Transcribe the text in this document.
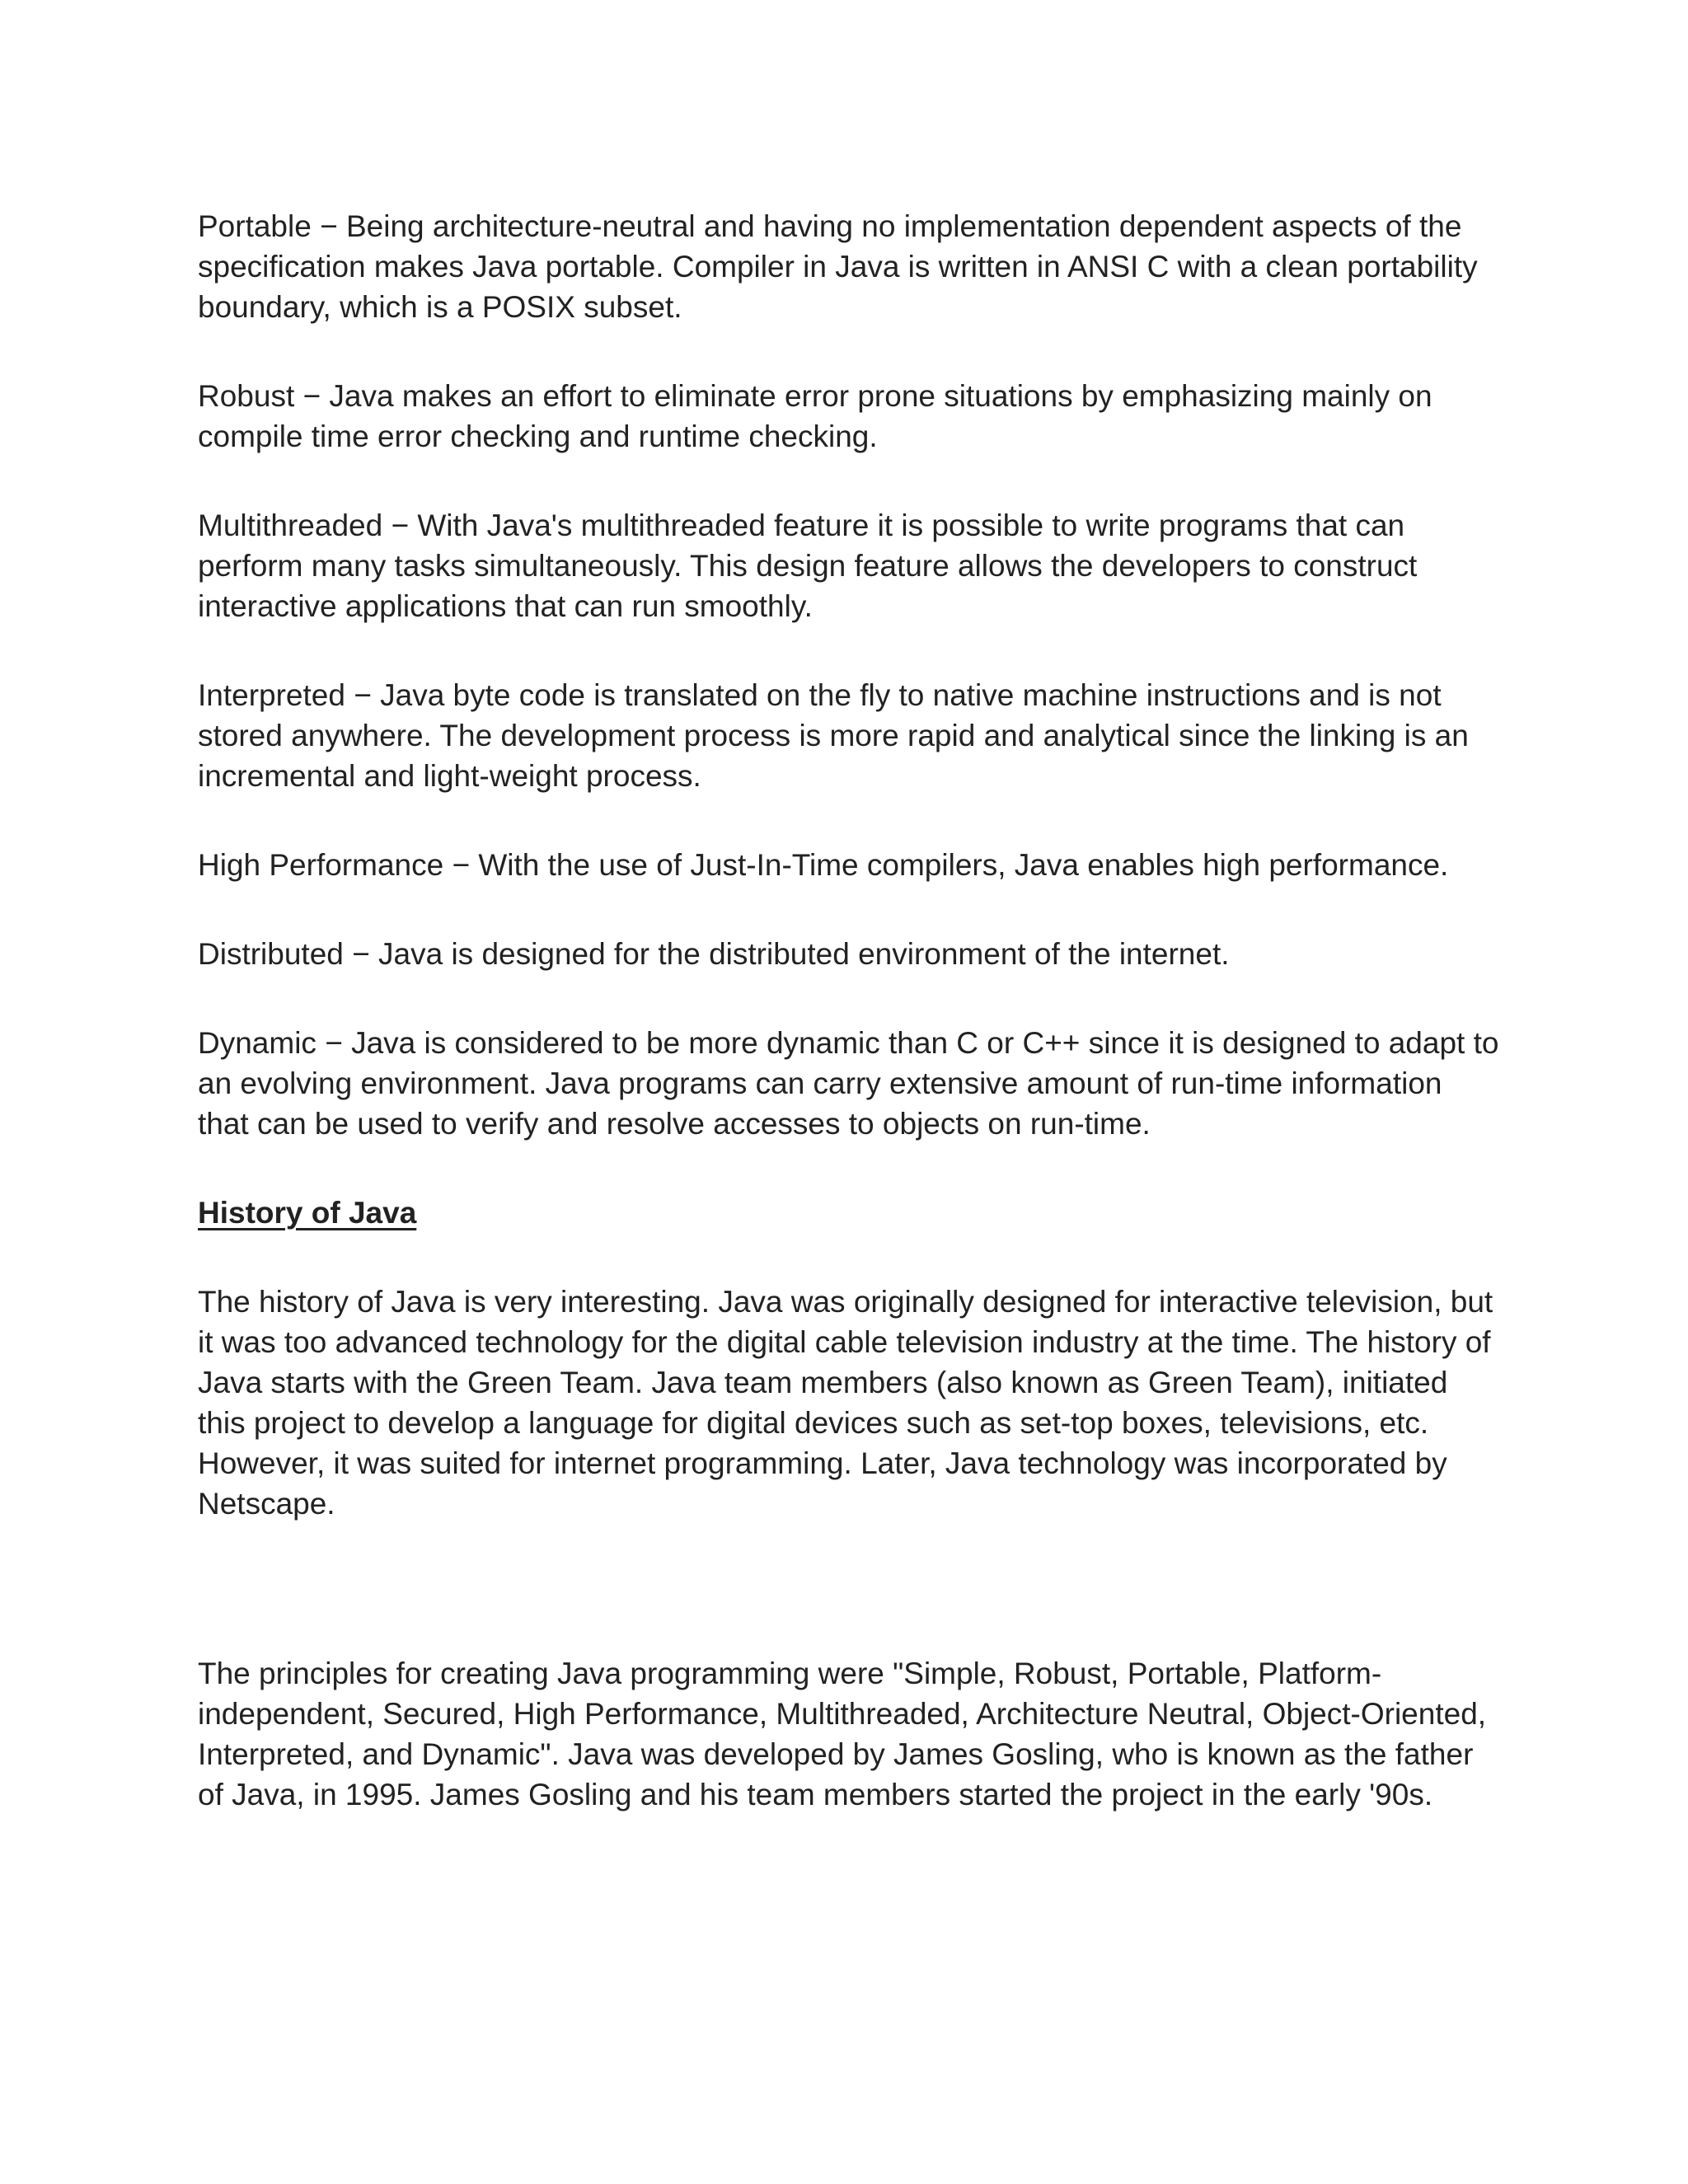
Portable − Being architecture-neutral and having no implementation dependent aspects of the specification makes Java portable. Compiler in Java is written in ANSI C with a clean portability boundary, which is a POSIX subset.

Robust − Java makes an effort to eliminate error prone situations by emphasizing mainly on compile time error checking and runtime checking.

Multithreaded − With Java's multithreaded feature it is possible to write programs that can perform many tasks simultaneously. This design feature allows the developers to construct interactive applications that can run smoothly.

Interpreted − Java byte code is translated on the fly to native machine instructions and is not stored anywhere. The development process is more rapid and analytical since the linking is an incremental and light-weight process.

High Performance − With the use of Just-In-Time compilers, Java enables high performance.

Distributed − Java is designed for the distributed environment of the internet.

Dynamic − Java is considered to be more dynamic than C or C++ since it is designed to adapt to an evolving environment. Java programs can carry extensive amount of run-time information that can be used to verify and resolve accesses to objects on run-time.

History of Java

The history of Java is very interesting. Java was originally designed for interactive television, but it was too advanced technology for the digital cable television industry at the time. The history of Java starts with the Green Team. Java team members (also known as Green Team), initiated this project to develop a language for digital devices such as set-top boxes, televisions, etc. However, it was suited for internet programming. Later, Java technology was incorporated by Netscape.

The principles for creating Java programming were "Simple, Robust, Portable, Platform-independent, Secured, High Performance, Multithreaded, Architecture Neutral, Object-Oriented, Interpreted, and Dynamic". Java was developed by James Gosling, who is known as the father of Java, in 1995. James Gosling and his team members started the project in the early '90s.
